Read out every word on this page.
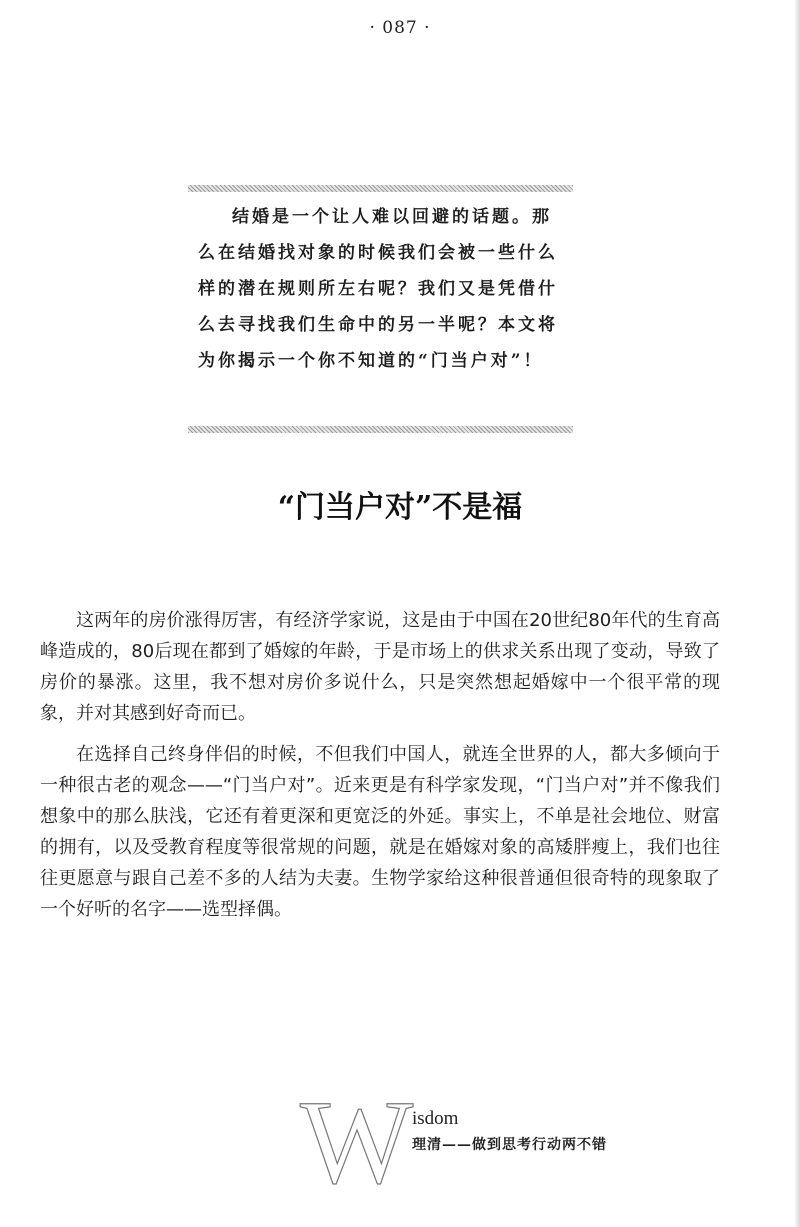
· 087 ·

结婚是一个让人难以回避的话题。那么在结婚找对象的时候我们会被一些什么样的潜在规则所左右呢？我们又是凭借什么去寻找我们生命中的另一半呢？本文将为你揭示一个你不知道的“门当户对”！

“门当户对”不是福

这两年的房价涨得厉害，有经济学家说，这是由于中国在20世纪80年代的生育高峰造成的，80后现在都到了婚嫁的年龄，于是市场上的供求关系出现了变动，导致了房价的暴涨。这里，我不想对房价多说什么，只是突然想起婚嫁中一个很平常的现象，并对其感到好奇而已。

在选择自己终身伴侣的时候，不但我们中国人，就连全世界的人，都大多倾向于一种很古老的观念——“门当户对”。近来更是有科学家发现，“门当户对”并不像我们想象中的那么肤浅，它还有着更深和更宽泛的外延。事实上，不单是社会地位、财富的拥有，以及受教育程度等很常规的问题，就是在婚嫁对象的高矮胖瘦上，我们也往往更愿意与跟自己差不多的人结为夫妻。生物学家给这种很普通但很奇特的现象取了一个好听的名字——选型择偶。

W
isdom
理清——做到思考行动两不错
